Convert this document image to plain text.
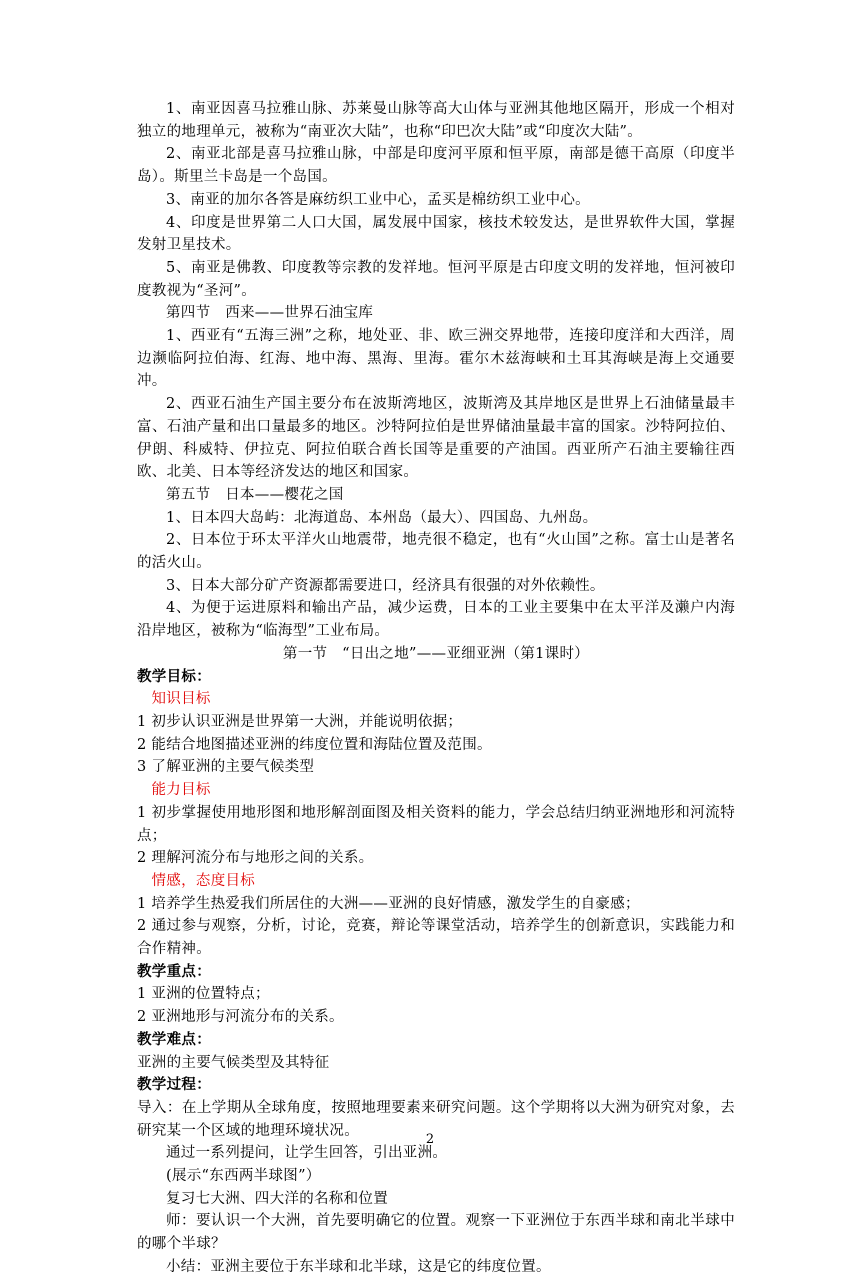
1、南亚因喜马拉雅山脉、苏莱曼山脉等高大山体与亚洲其他地区隔开，形成一个相对独立的地理单元，被称为“南亚次大陆”，也称“印巴次大陆”或“印度次大陆”。

2、南亚北部是喜马拉雅山脉，中部是印度河平原和恒平原，南部是德干高原（印度半岛）。斯里兰卡岛是一个岛国。

3、南亚的加尔各答是麻纺织工业中心，孟买是棉纺织工业中心。

4、印度是世界第二人口大国，属发展中国家，核技术较发达，是世界软件大国，掌握发射卫星技术。

5、南亚是佛教、印度教等宗教的发祥地。恒河平原是古印度文明的发祥地，恒河被印度教视为“圣河”。

第四节　西来——世界石油宝库

1、西亚有“五海三洲”之称，地处亚、非、欧三洲交界地带，连接印度洋和大西洋，周边濒临阿拉伯海、红海、地中海、黑海、里海。霍尔木兹海峡和土耳其海峡是海上交通要冲。

2、西亚石油生产国主要分布在波斯湾地区，波斯湾及其岸地区是世界上石油储量最丰富、石油产量和出口量最多的地区。沙特阿拉伯是世界储油量最丰富的国家。沙特阿拉伯、伊朗、科威特、伊拉克、阿拉伯联合酋长国等是重要的产油国。西亚所产石油主要输往西欧、北美、日本等经济发达的地区和国家。

第五节　日本——樱花之国

1、日本四大岛屿：北海道岛、本州岛（最大）、四国岛、九州岛。

2、日本位于环太平洋火山地震带，地壳很不稳定，也有“火山国”之称。富士山是著名的活火山。

3、日本大部分矿产资源都需要进口，经济具有很强的对外依赖性。

4、为便于运进原料和输出产品，减少运费，日本的工业主要集中在太平洋及濑户内海沿岸地区，被称为“临海型”工业布局。

第一节　“日出之地”——亚细亚洲（第1课时）

教学目标：

知识目标

1 初步认识亚洲是世界第一大洲，并能说明依据；

2 能结合地图描述亚洲的纬度位置和海陆位置及范围。

3 了解亚洲的主要气候类型

能力目标

1 初步掌握使用地形图和地形解剖面图及相关资料的能力，学会总结归纳亚洲地形和河流特点；

2 理解河流分布与地形之间的关系。

情感，态度目标

1 培养学生热爱我们所居住的大洲——亚洲的良好情感，激发学生的自豪感；

2 通过参与观察，分析，讨论，竞赛，辩论等课堂活动，培养学生的创新意识，实践能力和合作精神。

教学重点：

1 亚洲的位置特点；

2 亚洲地形与河流分布的关系。

教学难点：

亚洲的主要气候类型及其特征

教学过程：

导入：在上学期从全球角度，按照地理要素来研究问题。这个学期将以大洲为研究对象，去研究某一个区域的地理环境状况。

通过一系列提问，让学生回答，引出亚洲。

(展示“东西两半球图”）

复习七大洲、四大洋的名称和位置

师：要认识一个大洲，首先要明确它的位置。观察一下亚洲位于东西半球和南北半球中的哪个半球？

小结：亚洲主要位于东半球和北半球，这是它的纬度位置。

2
